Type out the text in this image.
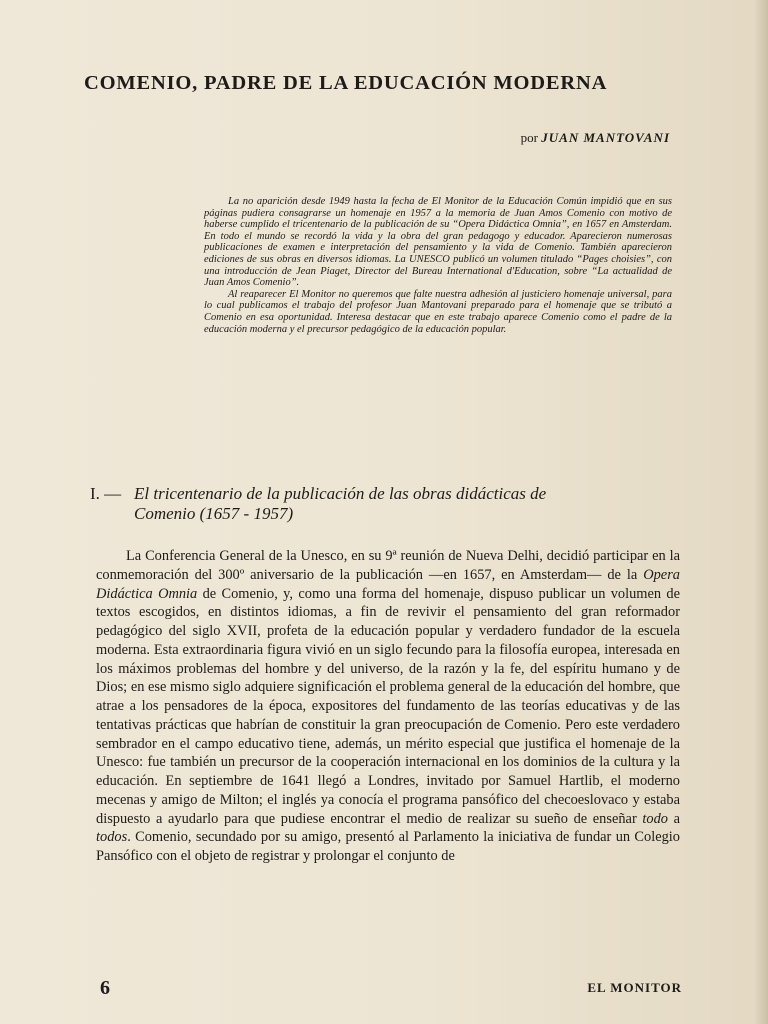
COMENIO, PADRE DE LA EDUCACIÓN MODERNA
por JUAN MANTOVANI

La no aparición desde 1949 hasta la fecha de El Monitor de la Educación Común impidió que en sus páginas pudiera consagrarse un homenaje en 1957 a la memoria de Juan Amos Comenio con motivo de haberse cumplido el tricentenario de la publicación de su “Opera Didáctica Omnia”, en 1657 en Amsterdam. En todo el mundo se recordó la vida y la obra del gran pedagogo y educador. Aparecieron numerosas publicaciones de examen e interpretación del pensamiento y la vida de Comenio. También aparecieron ediciones de sus obras en diversos idiomas. La UNESCO publicó un volumen titulado “Pages choisies”, con una introducción de Jean Piaget, Director del Bureau International d'Education, sobre “La actualidad de Juan Amos Comenio”.

Al reaparecer El Monitor no queremos que falte nuestra adhesión al justiciero homenaje universal, para lo cual publicamos el trabajo del profesor Juan Mantovani preparado para el homenaje que se tributó a Comenio en esa oportunidad. Interesa destacar que en este trabajo aparece Comenio como el padre de la educación moderna y el precursor pedagógico de la educación popular.

I. — El tricentenario de la publicación de las obras didácticas de
Comenio (1657 - 1957)

La Conferencia General de la Unesco, en su 9ª reunión de Nueva Delhi, decidió participar en la conmemoración del 300º aniversario de la publicación —en 1657, en Amsterdam— de la Opera Didáctica Omnia de Comenio, y, como una forma del homenaje, dispuso publicar un volumen de textos escogidos, en distintos idiomas, a fin de revivir el pensamiento del gran reformador pedagógico del siglo XVII, profeta de la educación popular y verdadero fundador de la escuela moderna. Esta extraordinaria figura vivió en un siglo fecundo para la filosofía europea, interesada en los máximos problemas del hombre y del universo, de la razón y la fe, del espíritu humano y de Dios; en ese mismo siglo adquiere significación el problema general de la educación del hombre, que atrae a los pensadores de la época, expositores del fundamento de las teorías educativas y de las tentativas prácticas que habrían de constituir la gran preocupación de Comenio. Pero este verdadero sembrador en el campo educativo tiene, además, un mérito especial que justifica el homenaje de la Unesco: fue también un precursor de la cooperación internacional en los dominios de la cultura y la educación. En septiembre de 1641 llegó a Londres, invitado por Samuel Hartlib, el moderno mecenas y amigo de Milton; el inglés ya conocía el programa pansófico del checoeslovaco y estaba dispuesto a ayudarlo para que pudiese encontrar el medio de realizar su sueño de enseñar todo a todos. Comenio, secundado por su amigo, presentó al Parlamento la iniciativa de fundar un Colegio Pansófico con el objeto de registrar y prolongar el conjunto de

6	EL MONITOR
